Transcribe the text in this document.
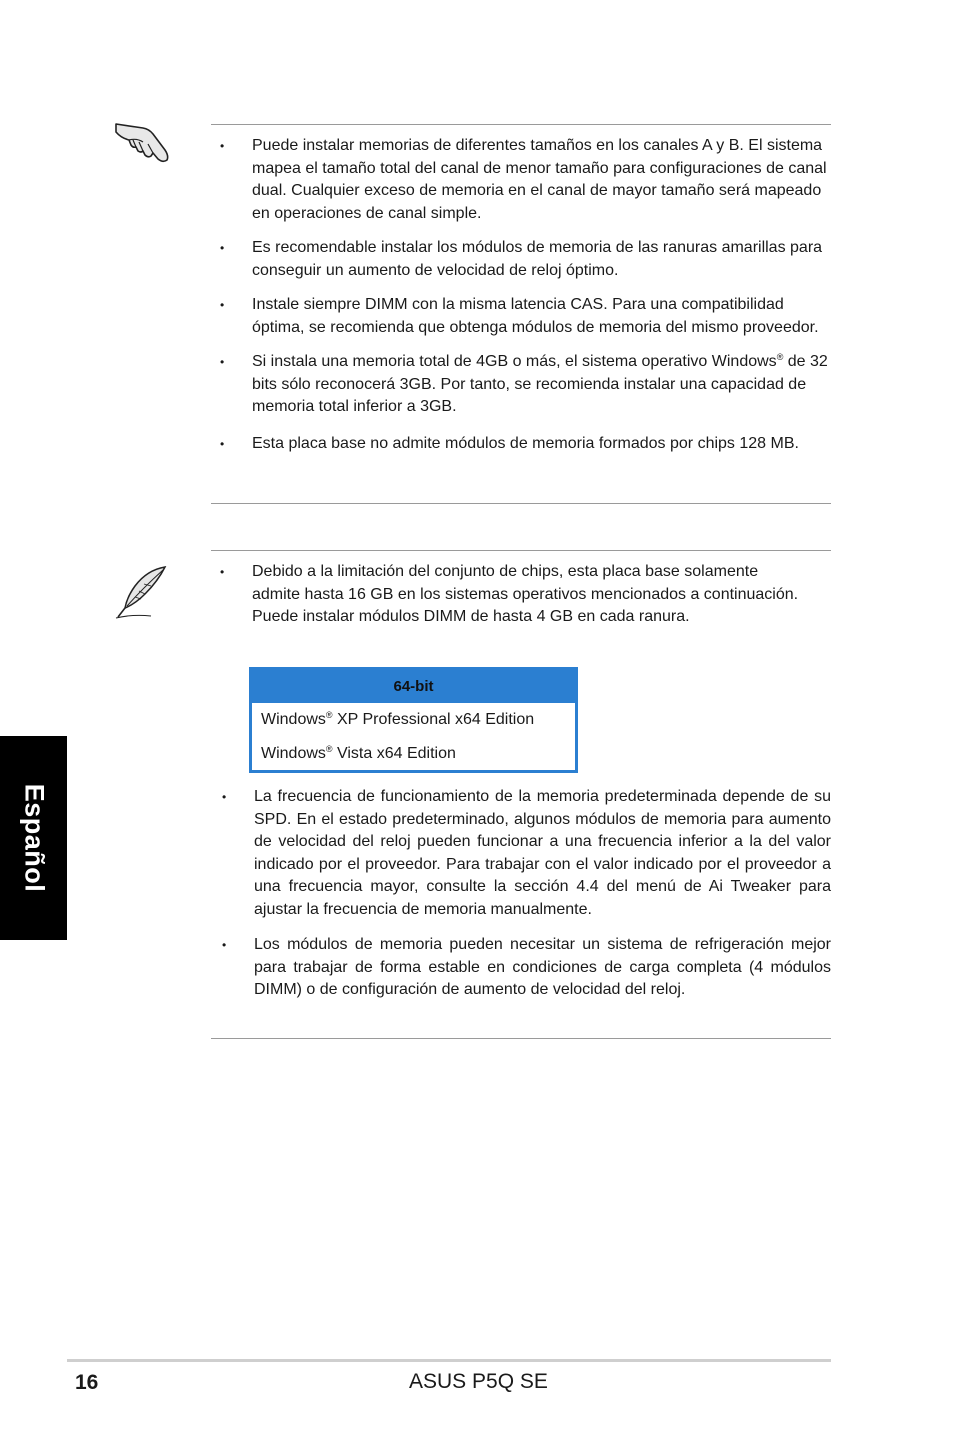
• Puede instalar memorias de diferentes tamaños en los canales A y B. El sistema mapea el tamaño total del canal de menor tamaño para configuraciones de canal dual. Cualquier exceso de memoria en el canal de mayor tamaño será mapeado en operaciones de canal simple.
• Es recomendable instalar los módulos de memoria de las ranuras amarillas para conseguir un aumento de velocidad de reloj óptimo.
• Instale siempre DIMM con la misma latencia CAS. Para una compatibilidad óptima, se recomienda que obtenga módulos de memoria del mismo proveedor.
• Si instala una memoria total de 4GB o más, el sistema operativo Windows® de 32 bits sólo reconocerá 3GB. Por tanto, se recomienda instalar una capacidad de memoria total inferior a 3GB.
• Esta placa base no admite módulos de memoria formados por chips 128 MB.
• Debido a la limitación del conjunto de chips, esta placa base solamente admite hasta 16 GB en los sistemas operativos mencionados a continuación. Puede instalar módulos DIMM de hasta 4 GB en cada ranura.
64-bit
Windows® XP Professional x64 Edition
Windows® Vista x64 Edition
• La frecuencia de funcionamiento de la memoria predeterminada depende de su SPD. En el estado predeterminado, algunos módulos de memoria para aumento de velocidad del reloj pueden funcionar a una frecuencia inferior a la del valor indicado por el proveedor. Para trabajar con el valor indicado por el proveedor a una frecuencia mayor, consulte la sección 4.4 del menú de Ai Tweaker para ajustar la frecuencia de memoria manualmente.
• Los módulos de memoria pueden necesitar un sistema de refrigeración mejor para trabajar de forma estable en condiciones de carga completa (4 módulos DIMM) o de configuración de aumento de velocidad del reloj.
Español
16	ASUS P5Q SE
